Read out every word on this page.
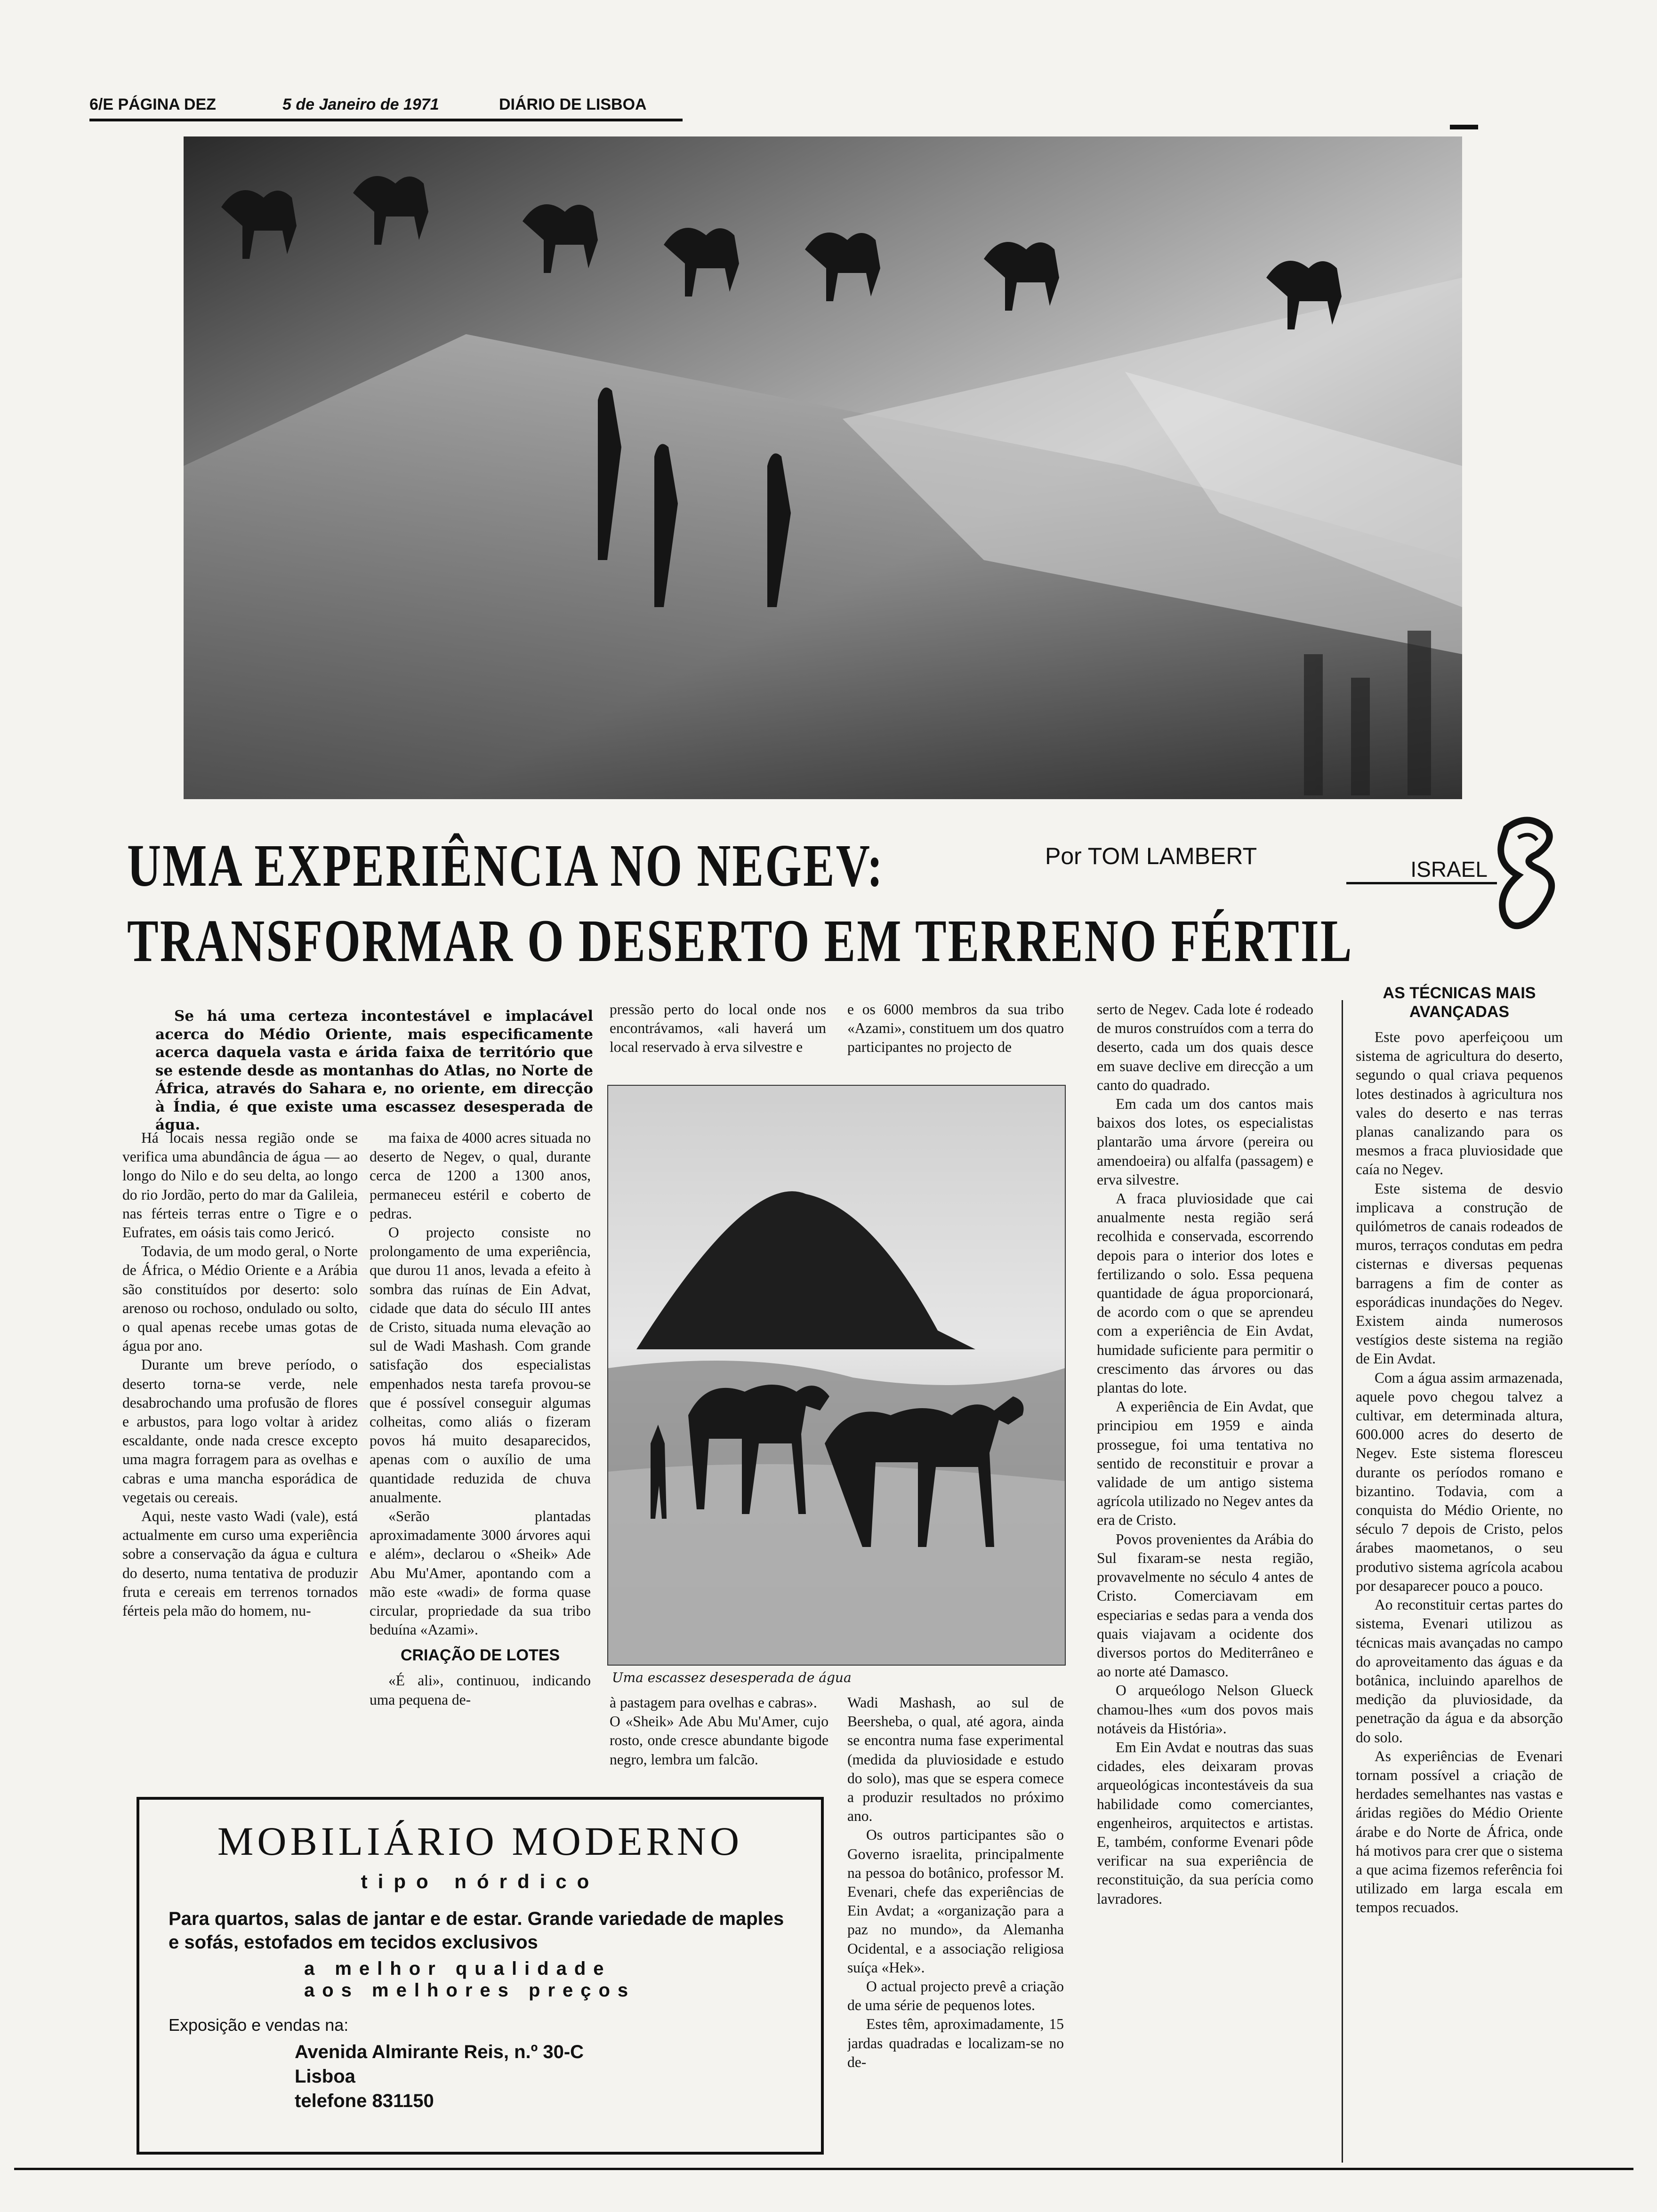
6/E PÁGINA DEZ	5 de Janeiro de 1971	DIÁRIO DE LISBOA
UMA EXPERIÊNCIA NO NEGEV:
TRANSFORMAR O DESERTO EM TERRENO FÉRTIL
Por TOM LAMBERT	ISRAEL

Se há uma certeza incontestável e implacável acerca do Médio Oriente, mais especificamente acerca daquela vasta e árida faixa de território que se estende desde as montanhas do Atlas, no Norte de África, através do Sahara e, no oriente, em direcção à Índia, é que existe uma escassez desesperada de água.

Há locais nessa região onde se verifica uma abundância de água — ao longo do Nilo e do seu delta, ao longo do rio Jordão, perto do mar da Galileia, nas férteis terras entre o Tigre e o Eufrates, em oásis tais como Jericó.

Todavia, de um modo geral, o Norte de África, o Médio Oriente e a Arábia são constituídos por deserto: solo arenoso ou rochoso, ondulado ou solto, o qual apenas recebe umas gotas de água por ano.

Durante um breve período, o deserto torna-se verde, nele desabrochando uma profusão de flores e arbustos, para logo voltar à aridez escaldante, onde nada cresce excepto uma magra forragem para as ovelhas e cabras e uma mancha esporádica de vegetais ou cereais.

Aqui, neste vasto Wadi (vale), está actualmente em curso uma experiência sobre a conservação da água e cultura do deserto, numa tentativa de produzir fruta e cereais em terrenos tornados férteis pela mão do homem, nu-

ma faixa de 4000 acres situada no deserto de Negev, o qual, durante cerca de 1200 a 1300 anos, permaneceu estéril e coberto de pedras.

O projecto consiste no prolongamento de uma experiência, que durou 11 anos, levada a efeito à sombra das ruínas de Ein Advat, cidade que data do século III antes de Cristo, situada numa elevação ao sul de Wadi Mashash. Com grande satisfação dos especialistas empenhados nesta tarefa provou-se que é possível conseguir algumas colheitas, como aliás o fizeram povos há muito desaparecidos, apenas com o auxílio de uma quantidade reduzida de chuva anualmente.

«Serão plantadas aproximadamente 3000 árvores aqui e além», declarou o «Sheik» Ade Abu Mu'Amer, apontando com a mão este «wadi» de forma quase circular, propriedade da sua tribo beduína «Azami».

CRIAÇÃO DE LOTES

«É ali», continuou, indicando uma pequena de-

pressão perto do local onde nos encontrávamos, «ali haverá um local reservado à erva silvestre e

e os 6000 membros da sua tribo «Azami», constituem um dos quatro participantes no projecto de

Uma escassez desesperada de água

à pastagem para ovelhas e cabras».
O «Sheik» Ade Abu Mu'Amer, cujo rosto, onde cresce abundante bigode negro, lembra um falcão.

Wadi Mashash, ao sul de Beersheba, o qual, até agora, ainda se encontra numa fase experimental (medida da pluviosidade e estudo do solo), mas que se espera comece a produzir resultados no próximo ano.

Os outros participantes são o Governo israelita, principalmente na pessoa do botânico, professor M. Evenari, chefe das experiências de Ein Avdat; a «organização para a paz no mundo», da Alemanha Ocidental, e a associação religiosa suíça «Hek».

O actual projecto prevê a criação de uma série de pequenos lotes.

Estes têm, aproximadamente, 15 jardas quadradas e localizam-se no de-

serto de Negev. Cada lote é rodeado de muros construídos com a terra do deserto, cada um dos quais desce em suave declive em direcção a um canto do quadrado.

Em cada um dos cantos mais baixos dos lotes, os especialistas plantarão uma árvore (pereira ou amendoeira) ou alfalfa (passagem) e erva silvestre.

A fraca pluviosidade que cai anualmente nesta região será recolhida e conservada, escorrendo depois para o interior dos lotes e fertilizando o solo. Essa pequena quantidade de água proporcionará, de acordo com o que se aprendeu com a experiência de Ein Avdat, humidade suficiente para permitir o crescimento das árvores ou das plantas do lote.

A experiência de Ein Avdat, que principiou em 1959 e ainda prossegue, foi uma tentativa no sentido de reconstituir e provar a validade de um antigo sistema agrícola utilizado no Negev antes da era de Cristo.

Povos provenientes da Arábia do Sul fixaram-se nesta região, provavelmente no século 4 antes de Cristo. Comerciavam em especiarias e sedas para a venda dos quais viajavam a ocidente dos diversos portos do Mediterrâneo e ao norte até Damasco.

O arqueólogo Nelson Glueck chamou-lhes «um dos povos mais notáveis da História».

Em Ein Avdat e noutras das suas cidades, eles deixaram provas arqueológicas incontestáveis da sua habilidade como comerciantes, engenheiros, arquitectos e artistas. E, também, conforme Evenari pôde verificar na sua experiência de reconstituição, da sua perícia como lavradores.

AS TÉCNICAS MAIS AVANÇADAS

Este povo aperfeiçoou um sistema de agricultura do deserto, segundo o qual criava pequenos lotes destinados à agricultura nos vales do deserto e nas terras planas canalizando para os mesmos a fraca pluviosidade que caía no Negev.

Este sistema de desvio implicava a construção de quilómetros de canais rodeados de muros, terraços condutas em pedra cisternas e diversas pequenas barragens a fim de conter as esporádicas inundações do Negev. Existem ainda numerosos vestígios deste sistema na região de Ein Avdat.

Com a água assim armazenada, aquele povo chegou talvez a cultivar, em determinada altura, 600.000 acres do deserto de Negev. Este sistema floresceu durante os períodos romano e bizantino. Todavia, com a conquista do Médio Oriente, no século 7 depois de Cristo, pelos árabes maometanos, o seu produtivo sistema agrícola acabou por desaparecer pouco a pouco.

Ao reconstituir certas partes do sistema, Evenari utilizou as técnicas mais avançadas no campo do aproveitamento das águas e da botânica, incluindo aparelhos de medição da pluviosidade, da penetração da água e da absorção do solo.

As experiências de Evenari tornam possível a criação de herdades semelhantes nas vastas e áridas regiões do Médio Oriente árabe e do Norte de África, onde há motivos para crer que o sistema a que acima fizemos referência foi utilizado em larga escala em tempos recuados.

MOBILIÁRIO MODERNO
tipo nórdico
Para quartos, salas de jantar e de estar. Grande variedade de maples e sofás, estofados em tecidos exclusivos
a melhor qualidade
aos melhores preços
Exposição e vendas na:
Avenida Almirante Reis, n.º 30-C
Lisboa
telefone 831150
